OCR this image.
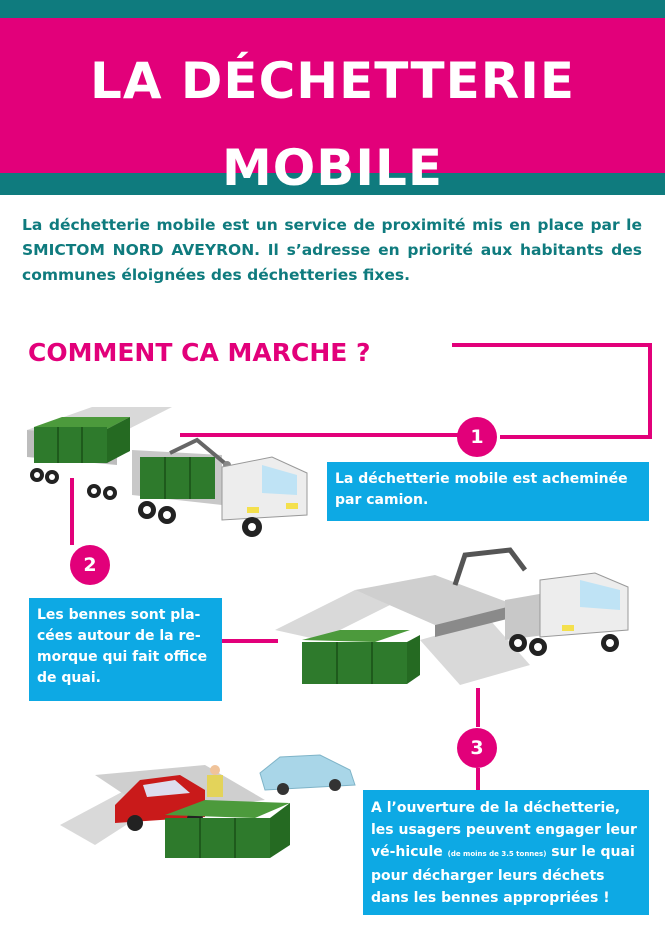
LA DÉCHETTERIE
MOBILE
La déchetterie mobile est un service de proximité mis en place par le SMICTOM NORD AVEYRON. Il s’adresse en priorité aux habitants des communes éloignées des déchetteries fixes.
COMMENT CA MARCHE ?
1
La déchetterie mobile est acheminée par camion.
2
Les bennes sont pla-cées autour de la re-morque qui fait office de quai.
3
A l’ouverture de la déchetterie, les usagers peuvent engager leur vé-hicule (de moins de 3.5 tonnes) sur le quai pour décharger leurs déchets dans les bennes appropriées !
